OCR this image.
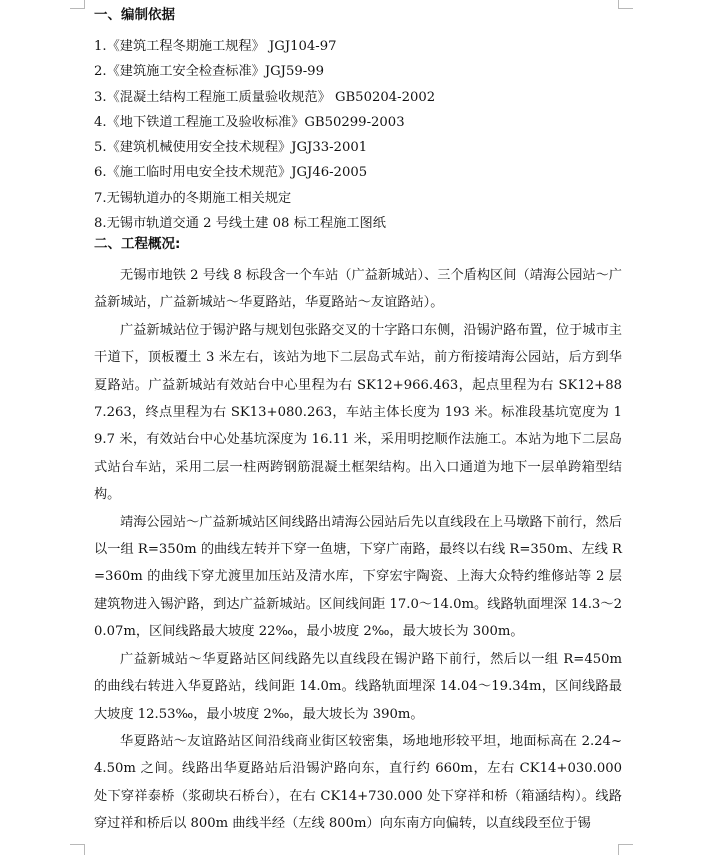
一、编制依据
1.《建筑工程冬期施工规程》 JGJ104-97
2.《建筑施工安全检查标准》JGJ59-99
3.《混凝土结构工程施工质量验收规范》 GB50204-2002
4.《地下铁道工程施工及验收标准》GB50299-2003
5.《建筑机械使用安全技术规程》JGJ33-2001
6.《施工临时用电安全技术规范》JGJ46-2005
7.无锡轨道办的冬期施工相关规定
8.无锡市轨道交通 2 号线土建 08 标工程施工图纸
二、工程概况:

无锡市地铁 2 号线 8 标段含一个车站（广益新城站）、三个盾构区间（靖海公园站～广益新城站，广益新城站～华夏路站，华夏路站～友谊路站）。

广益新城站位于锡沪路与规划包张路交叉的十字路口东侧，沿锡沪路布置，位于城市主干道下，顶板覆土 3 米左右，该站为地下二层岛式车站，前方衔接靖海公园站，后方到华夏路站。广益新城站有效站台中心里程为右 SK12+966.463，起点里程为右 SK12+887.263，终点里程为右 SK13+080.263，车站主体长度为 193 米。标准段基坑宽度为 19.7 米，有效站台中心处基坑深度为 16.11 米，采用明挖顺作法施工。本站为地下二层岛式站台车站，采用二层一柱两跨钢筋混凝土框架结构。出入口通道为地下一层单跨箱型结构。

靖海公园站～广益新城站区间线路出靖海公园站后先以直线段在上马墩路下前行，然后以一组 R=350m 的曲线左转并下穿一鱼塘，下穿广南路，最终以右线 R=350m、左线 R=360m 的曲线下穿尤渡里加压站及清水库，下穿宏宇陶瓷、上海大众特约维修站等 2 层建筑物进入锡沪路，到达广益新城站。区间线间距 17.0～14.0m。线路轨面埋深 14.3～20.07m，区间线路最大坡度 22‰，最小坡度 2‰，最大坡长为 300m。

广益新城站～华夏路站区间线路先以直线段在锡沪路下前行，然后以一组 R=450m 的曲线右转进入华夏路站，线间距 14.0m。线路轨面埋深 14.04～19.34m，区间线路最大坡度 12.53‰，最小坡度 2‰，最大坡长为 390m。

华夏路站～友谊路站区间沿线商业街区较密集，场地地形较平坦，地面标高在 2.24~4.50m 之间。线路出华夏路站后沿锡沪路向东，直行约 660m，左右 CK14+030.000 处下穿祥泰桥（浆砌块石桥台），在右 CK14+730.000 处下穿祥和桥（箱涵结构）。线路穿过祥和桥后以 800m 曲线半经（左线 800m）向东南方向偏转，以直线段至位于锡
